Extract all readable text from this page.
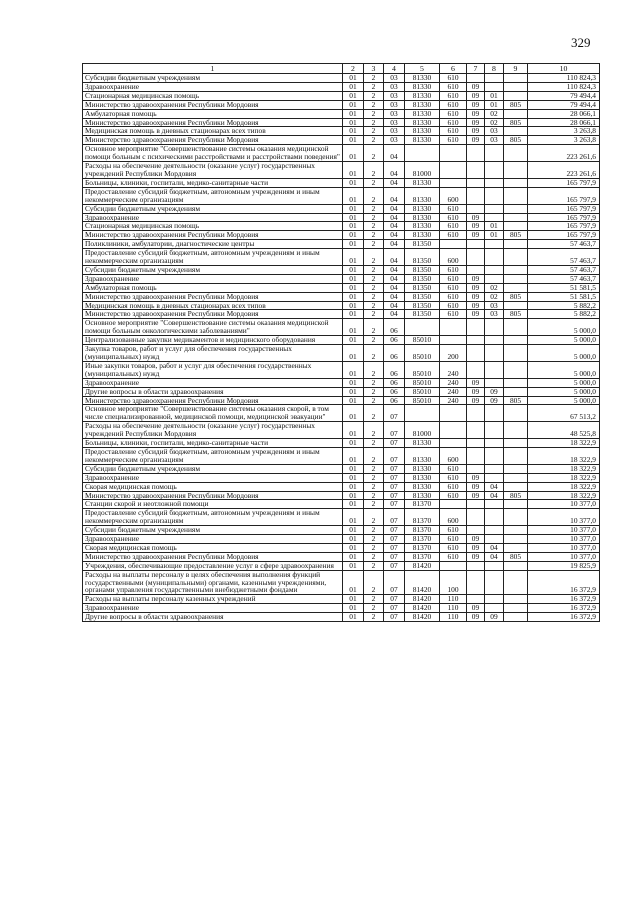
329
1	2	3	4	5	6	7	8	9	10
Субсидии бюджетным учреждениям	01	2	03	81330	610				110 824,3
Здравоохранение	01	2	03	81330	610	09			110 824,3
Стационарная медицинская помощь	01	2	03	81330	610	09	01		79 494,4
Министерство здравоохранения Республики Мордовия	01	2	03	81330	610	09	01	805	79 494,4
Амбулаторная помощь	01	2	03	81330	610	09	02		28 066,1
Министерство здравоохранения Республики Мордовия	01	2	03	81330	610	09	02	805	28 066,1
Медицинская помощь в дневных стационарах всех типов	01	2	03	81330	610	09	03		3 263,8
Министерство здравоохранения Республики Мордовия	01	2	03	81330	610	09	03	805	3 263,8
Основное мероприятие "Совершенствование системы оказания медицинской помощи больным с психическими расстройствами и расстройствами поведения"	01	2	04						223 261,6
Расходы на обеспечение деятельности (оказание услуг) государственных учреждений Республики Мордовия	01	2	04	81000					223 261,6
Больницы, клиники, госпитали, медико-санитарные части	01	2	04	81330					165 797,9
Предоставление субсидий бюджетным, автономным учреждениям и иным некоммерческим организациям	01	2	04	81330	600				165 797,9
Субсидии бюджетным учреждениям	01	2	04	81330	610				165 797,9
Здравоохранение	01	2	04	81330	610	09			165 797,9
Стационарная медицинская помощь	01	2	04	81330	610	09	01		165 797,9
Министерство здравоохранения Республики Мордовия	01	2	04	81330	610	09	01	805	165 797,9
Поликлиники, амбулатории, диагностические центры	01	2	04	81350					57 463,7
Предоставление субсидий бюджетным, автономным учреждениям и иным некоммерческим организациям	01	2	04	81350	600				57 463,7
Субсидии бюджетным учреждениям	01	2	04	81350	610				57 463,7
Здравоохранение	01	2	04	81350	610	09			57 463,7
Амбулаторная помощь	01	2	04	81350	610	09	02		51 581,5
Министерство здравоохранения Республики Мордовия	01	2	04	81350	610	09	02	805	51 581,5
Медицинская помощь в дневных стационарах всех типов	01	2	04	81350	610	09	03		5 882,2
Министерство здравоохранения Республики Мордовия	01	2	04	81350	610	09	03	805	5 882,2
Основное мероприятие "Совершенствование системы оказания медицинской помощи больным онкологическими заболеваниями"	01	2	06						5 000,0
Централизованные закупки медикаментов и медицинского оборудования	01	2	06	85010					5 000,0
Закупка товаров, работ и услуг для обеспечения государственных (муниципальных) нужд	01	2	06	85010	200				5 000,0
Иные закупки товаров, работ и услуг для обеспечения государственных (муниципальных) нужд	01	2	06	85010	240				5 000,0
Здравоохранение	01	2	06	85010	240	09			5 000,0
Другие вопросы в области здравоохранения	01	2	06	85010	240	09	09		5 000,0
Министерство здравоохранения Республики Мордовия	01	2	06	85010	240	09	09	805	5 000,0
Основное мероприятие "Совершенствование системы оказания скорой, в том числе специализированной, медицинской помощи, медицинской эвакуации"	01	2	07						67 513,2
Расходы на обеспечение деятельности (оказание услуг) государственных учреждений Республики Мордовия	01	2	07	81000					48 525,8
Больницы, клиники, госпитали, медико-санитарные части	01	2	07	81330					18 322,9
Предоставление субсидий бюджетным, автономным учреждениям и иным некоммерческим организациям	01	2	07	81330	600				18 322,9
Субсидии бюджетным учреждениям	01	2	07	81330	610				18 322,9
Здравоохранение	01	2	07	81330	610	09			18 322,9
Скорая медицинская помощь	01	2	07	81330	610	09	04		18 322,9
Министерство здравоохранения Республики Мордовия	01	2	07	81330	610	09	04	805	18 322,9
Станции скорой и неотложной помощи	01	2	07	81370					10 377,0
Предоставление субсидий бюджетным, автономным учреждениям и иным некоммерческим организациям	01	2	07	81370	600				10 377,0
Субсидии бюджетным учреждениям	01	2	07	81370	610				10 377,0
Здравоохранение	01	2	07	81370	610	09			10 377,0
Скорая медицинская помощь	01	2	07	81370	610	09	04		10 377,0
Министерство здравоохранения Республики Мордовия	01	2	07	81370	610	09	04	805	10 377,0
Учреждения, обеспечивающие предоставление услуг в сфере здравоохранения	01	2	07	81420					19 825,9
Расходы на выплаты персоналу в целях обеспечения выполнения функций государственными (муниципальными) органами, казенными учреждениями, органами управления государственными внебюджетными фондами	01	2	07	81420	100				16 372,9
Расходы на выплаты персоналу казенных учреждений	01	2	07	81420	110				16 372,9
Здравоохранение	01	2	07	81420	110	09			16 372,9
Другие вопросы в области здравоохранения	01	2	07	81420	110	09	09		16 372,9
